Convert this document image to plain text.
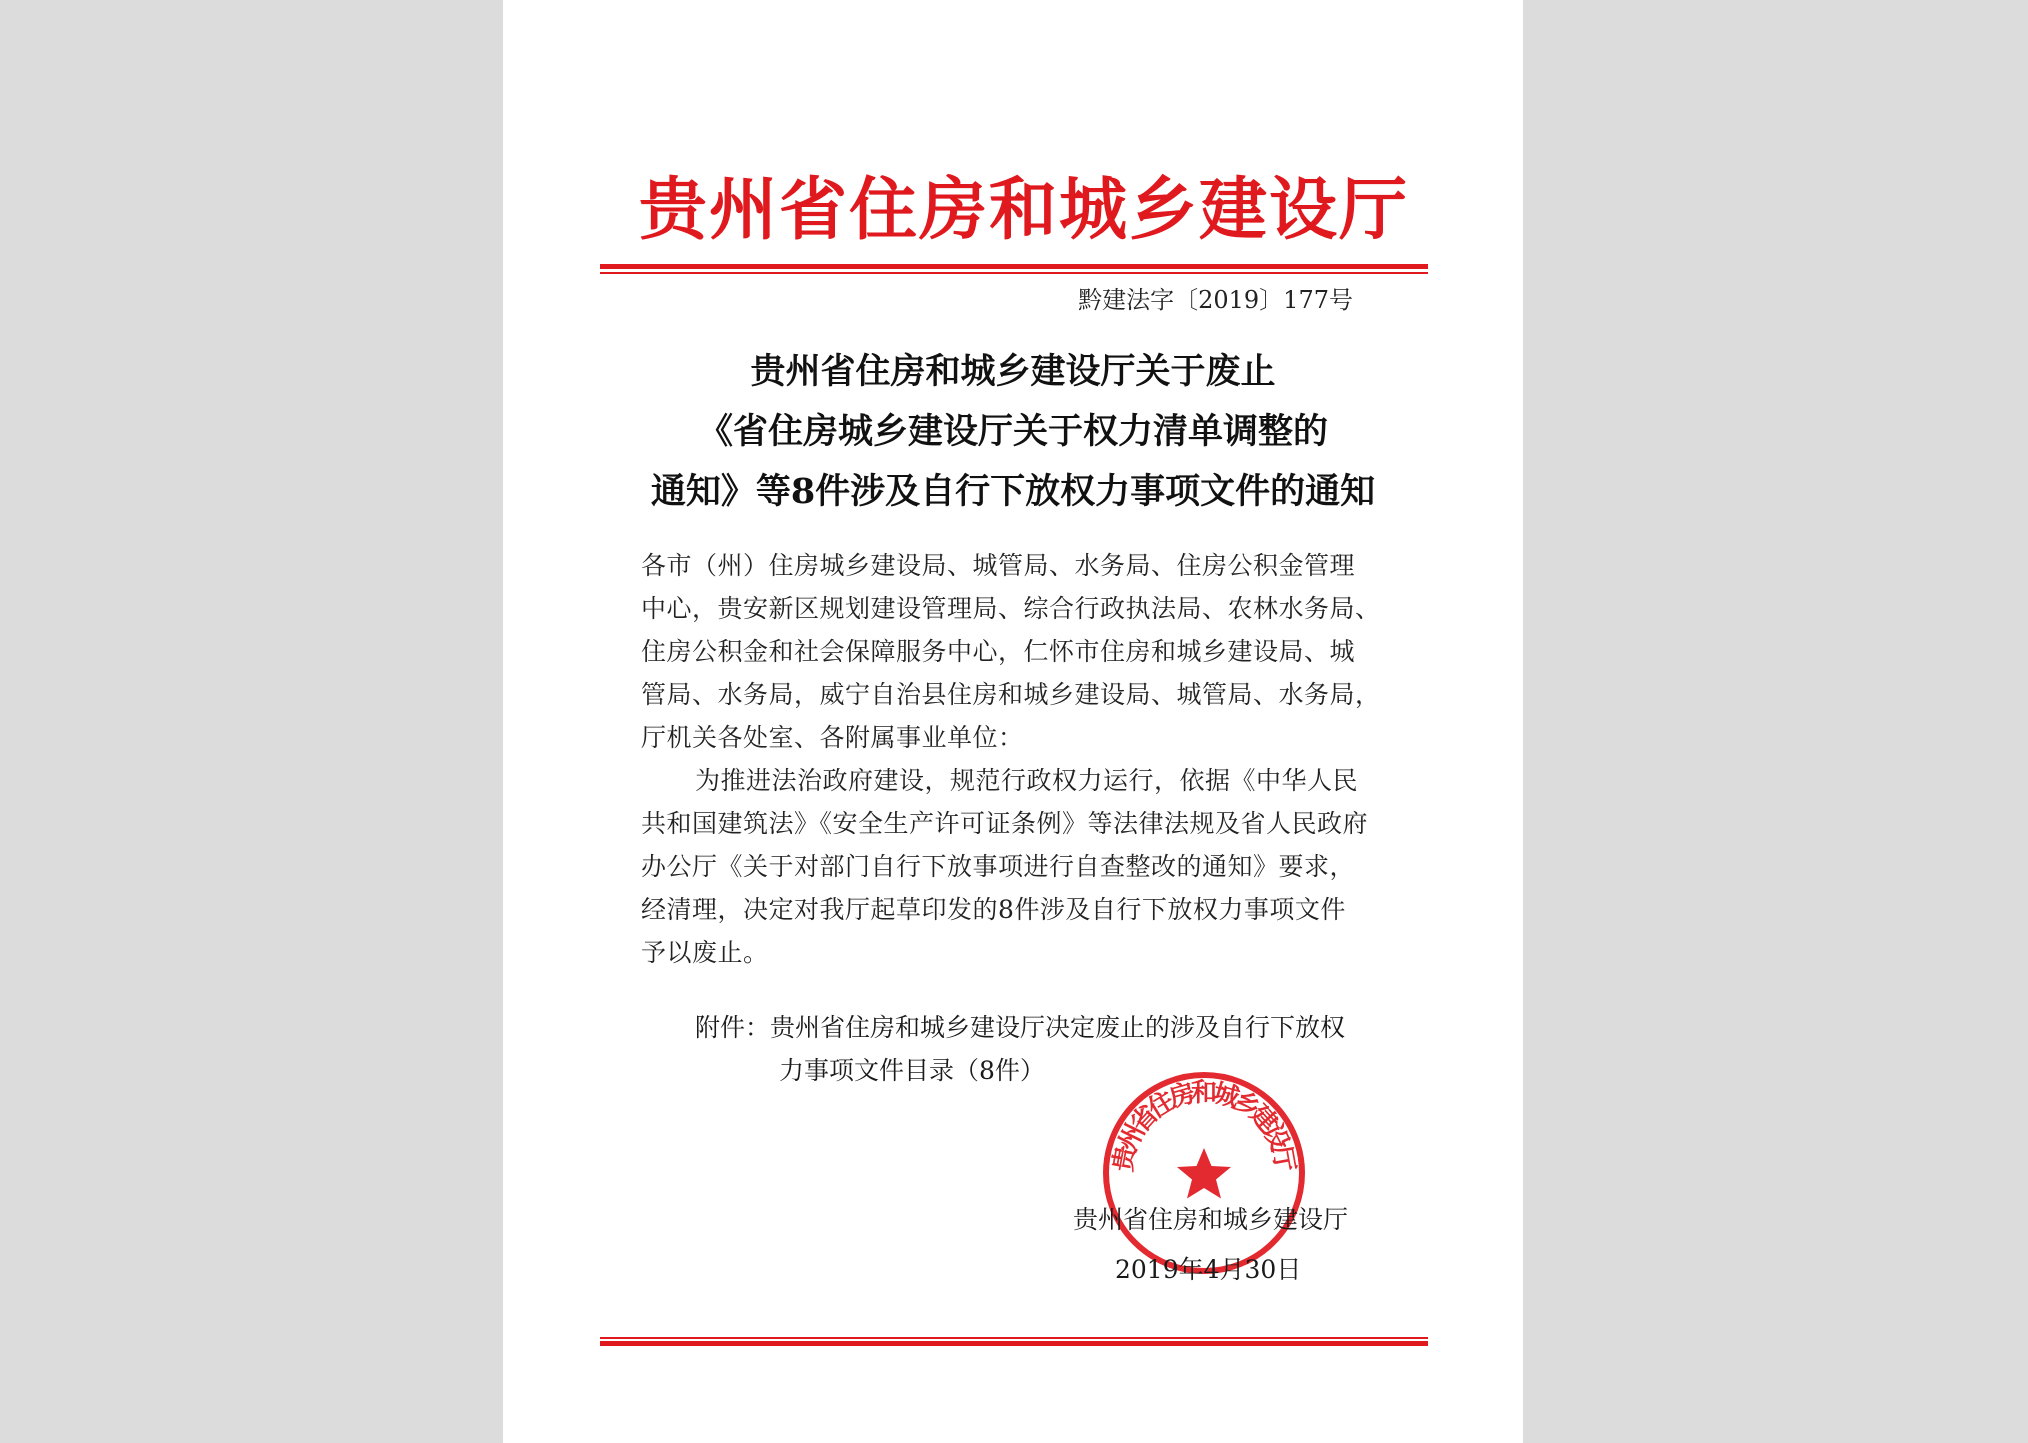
贵州省住房和城乡建设厅
黔建法字〔2019〕177号
贵州省住房和城乡建设厅关于废止
《省住房城乡建设厅关于权力清单调整的
通知》等8件涉及自行下放权力事项文件的通知
各市（州）住房城乡建设局、城管局、水务局、住房公积金管理
中心，贵安新区规划建设管理局、综合行政执法局、农林水务局、
住房公积金和社会保障服务中心，仁怀市住房和城乡建设局、城
管局、水务局，威宁自治县住房和城乡建设局、城管局、水务局，
厅机关各处室、各附属事业单位：
为推进法治政府建设，规范行政权力运行，依据《中华人民
共和国建筑法》《安全生产许可证条例》等法律法规及省人民政府
办公厅《关于对部门自行下放事项进行自查整改的通知》要求，
经清理，决定对我厅起草印发的8件涉及自行下放权力事项文件
予以废止。
附件：贵州省住房和城乡建设厅决定废止的涉及自行下放权
力事项文件目录（8件）
贵州省住房和城乡建设厅
贵州省住房和城乡建设厅
2019年4月30日
